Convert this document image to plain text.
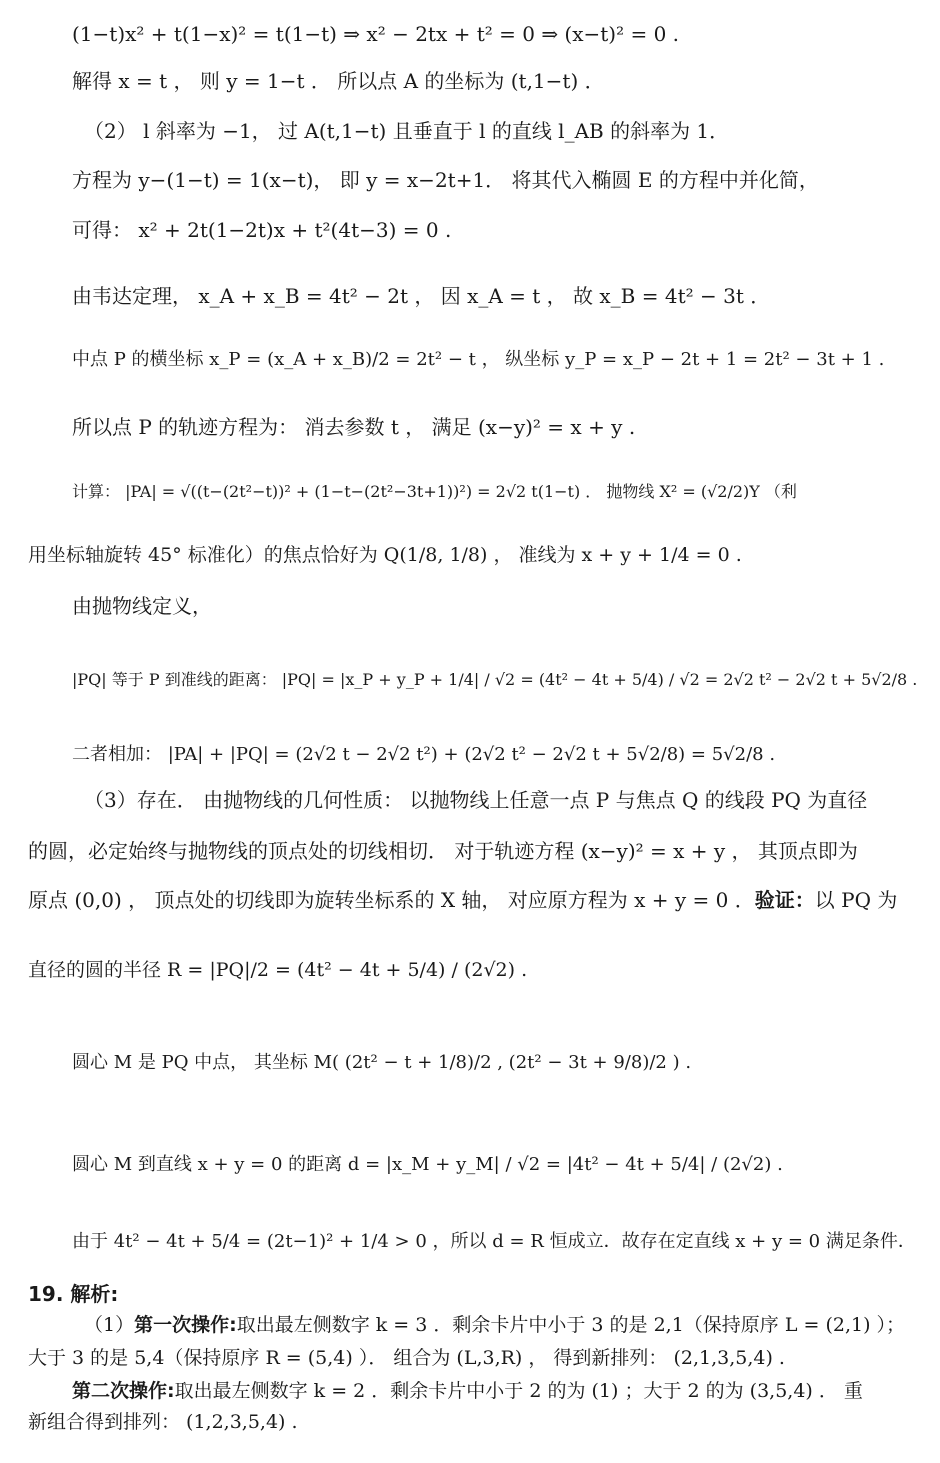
(1−t)x² + t(1−x)² = t(1−t) ⇒ x² − 2tx + t² = 0 ⇒ (x−t)² = 0 .
解得 x = t ， 则 y = 1−t ． 所以点 A 的坐标为 (t,1−t) ．
（2） l 斜率为 −1， 过 A(t,1−t) 且垂直于 l 的直线 l_AB 的斜率为 1．
方程为 y−(1−t) = 1(x−t)， 即 y = x−2t+1． 将其代入椭圆 E 的方程中并化简，
可得： x² + 2t(1−2t)x + t²(4t−3) = 0 .
由韦达定理， x_A + x_B = 4t² − 2t ， 因 x_A = t ， 故 x_B = 4t² − 3t ．
中点 P 的横坐标 x_P = (x_A + x_B)/2 = 2t² − t ， 纵坐标 y_P = x_P − 2t + 1 = 2t² − 3t + 1 .
所以点 P 的轨迹方程为： 消去参数 t ， 满足 (x−y)² = x + y .
计算： |PA| = √((t−(2t²−t))² + (1−t−(2t²−3t+1))²) = 2√2 t(1−t) ． 抛物线 X² = (√2/2)Y （利
用坐标轴旋转 45° 标准化）的焦点恰好为 Q(1/8, 1/8) ， 准线为 x + y + 1/4 = 0 .
由抛物线定义，
|PQ| 等于 P 到准线的距离： |PQ| = |x_P + y_P + 1/4| / √2 = (4t² − 4t + 5/4) / √2 = 2√2 t² − 2√2 t + 5√2/8 .
二者相加： |PA| + |PQ| = (2√2 t − 2√2 t²) + (2√2 t² − 2√2 t + 5√2/8) = 5√2/8 .
（3）存在． 由抛物线的几何性质： 以抛物线上任意一点 P 与焦点 Q 的线段 PQ 为直径
的圆，必定始终与抛物线的顶点处的切线相切． 对于轨迹方程 (x−y)² = x + y ， 其顶点即为
原点 (0,0) ， 顶点处的切线即为旋转坐标系的 X 轴， 对应原方程为 x + y = 0 ．验证：以 PQ 为
直径的圆的半径 R = |PQ|/2 = (4t² − 4t + 5/4) / (2√2) .
圆心 M 是 PQ 中点， 其坐标 M( (2t² − t + 1/8)/2 , (2t² − 3t + 9/8)/2 ) .
圆心 M 到直线 x + y = 0 的距离 d = |x_M + y_M| / √2 = |4t² − 4t + 5/4| / (2√2) .
由于 4t² − 4t + 5/4 = (2t−1)² + 1/4 > 0 ，所以 d = R 恒成立．故存在定直线 x + y = 0 满足条件．
19. 解析:
（1）第一次操作:取出最左侧数字 k = 3 ．剩余卡片中小于 3 的是 2,1（保持原序 L = (2,1) ）；
大于 3 的是 5,4（保持原序 R = (5,4) ）． 组合为 (L,3,R) ， 得到新排列： (2,1,3,5,4) .
第二次操作:取出最左侧数字 k = 2 ．剩余卡片中小于 2 的为 (1) ；大于 2 的为 (3,5,4) ． 重
新组合得到排列： (1,2,3,5,4) .
